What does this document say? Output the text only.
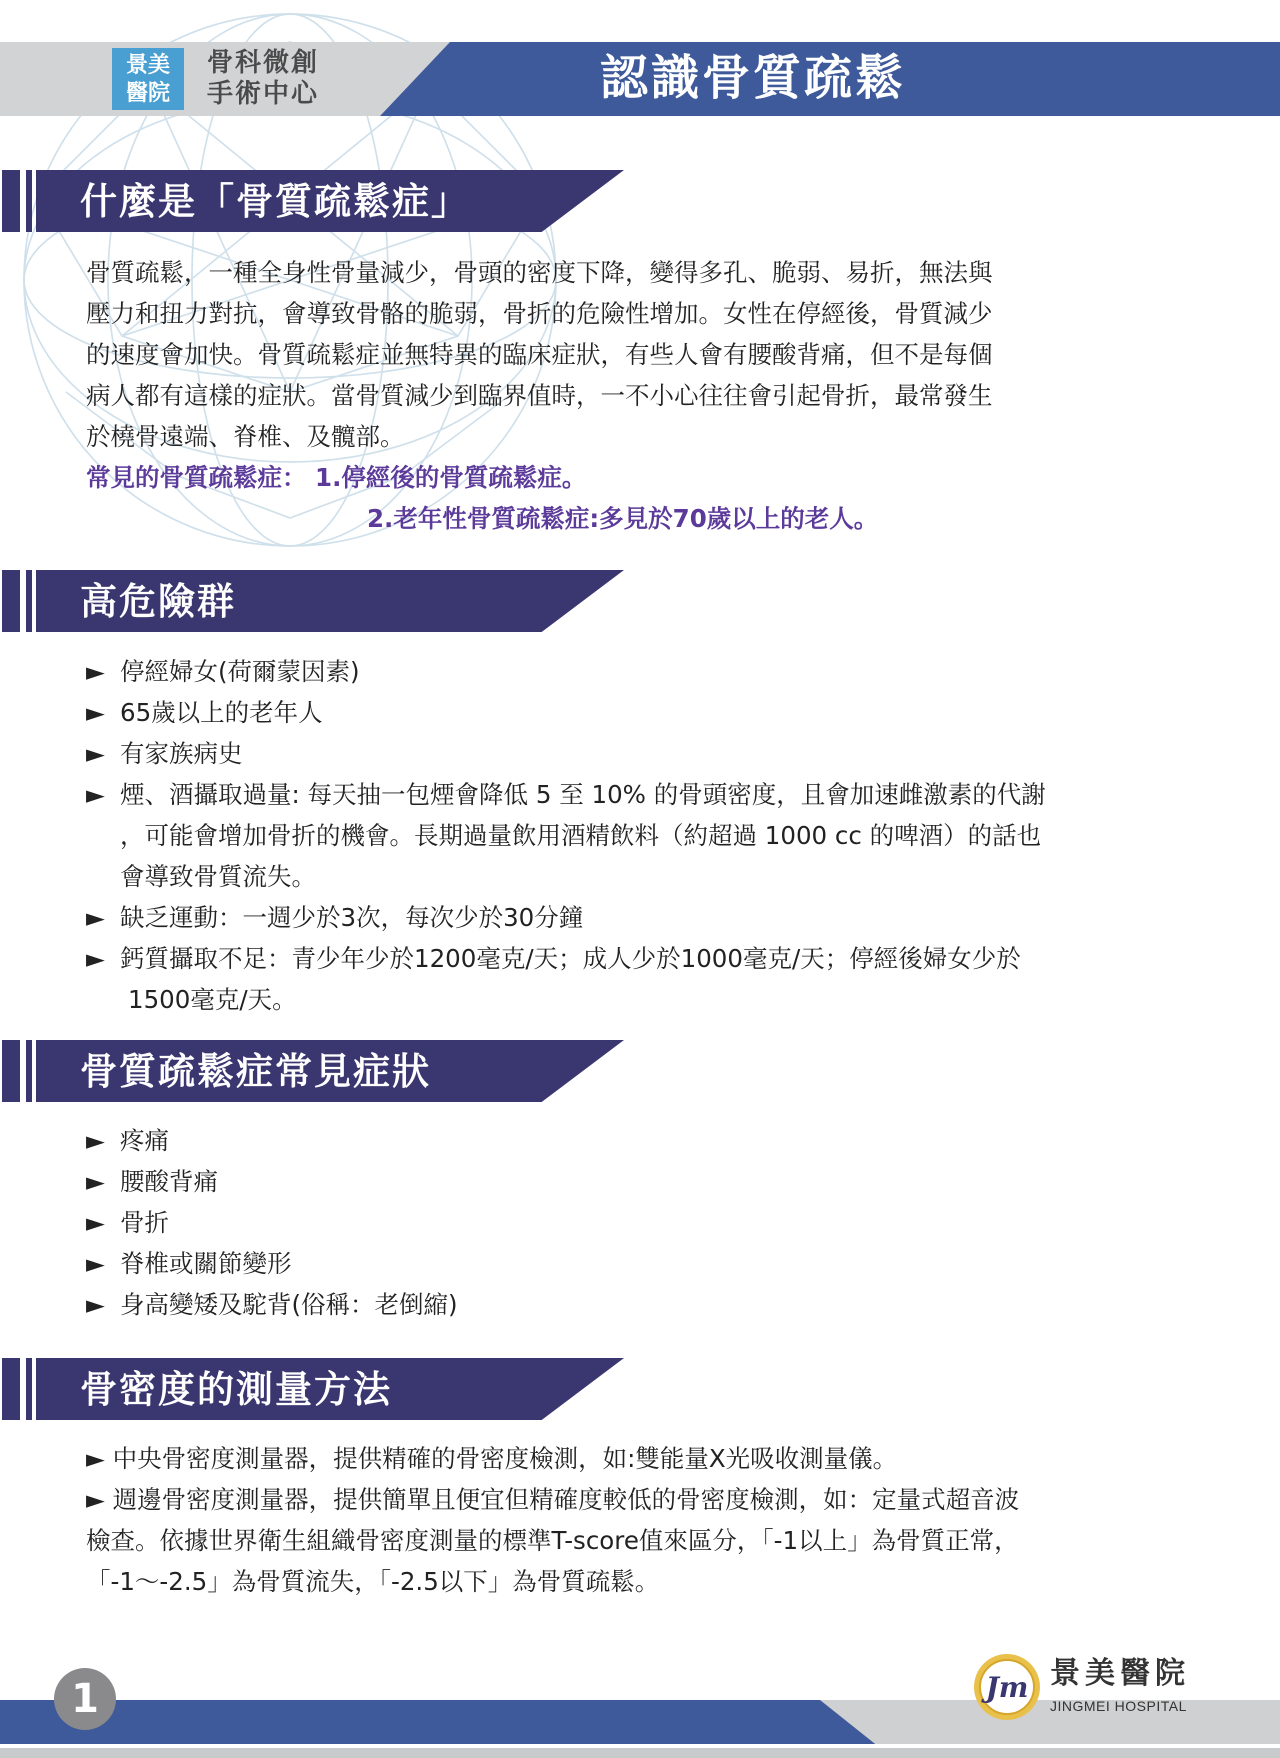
景美
醫院
骨科微創
手術中心	認識骨質疏鬆
什麼是「骨質疏鬆症」

骨質疏鬆，一種全身性骨量減少，骨頭的密度下降，變得多孔、脆弱、易折，無法與

壓力和扭力對抗，會導致骨骼的脆弱，骨折的危險性增加。女性在停經後，骨質減少

的速度會加快。骨質疏鬆症並無特異的臨床症狀，有些人會有腰酸背痛，但不是每個

病人都有這樣的症狀。當骨質減少到臨界值時，一不小心往往會引起骨折，最常發生

於橈骨遠端、脊椎、及髖部。

常見的骨質疏鬆症： 1.停經後的骨質疏鬆症。

2.老年性骨質疏鬆症:多見於70歲以上的老人。

高危險群
► 停經婦女(荷爾蒙因素)
► 65歲以上的老年人
► 有家族病史
► 煙、酒攝取過量: 每天抽一包煙會降低 5 至 10% 的骨頭密度，且會加速雌激素的代謝
，可能會增加骨折的機會。長期過量飲用酒精飲料（約超過 1000 cc 的啤酒）的話也
會導致骨質流失。
► 缺乏運動：一週少於3次，每次少於30分鐘
► 鈣質攝取不足：青少年少於1200毫克/天；成人少於1000毫克/天；停經後婦女少於
1500毫克/天。
骨質疏鬆症常見症狀
► 疼痛
► 腰酸背痛
► 骨折
► 脊椎或關節變形
► 身高變矮及駝背(俗稱：老倒縮)
骨密度的測量方法

► 中央骨密度測量器，提供精確的骨密度檢測，如:雙能量X光吸收測量儀。

► 週邊骨密度測量器，提供簡單且便宜但精確度較低的骨密度檢測，如：定量式超音波

檢查。依據世界衛生組織骨密度測量的標準T-score值來區分，「-1以上」為骨質正常，

「-1～-2.5」為骨質流失，「-2.5以下」為骨質疏鬆。

1	Jm 景美醫院
JINGMEI HOSPITAL
